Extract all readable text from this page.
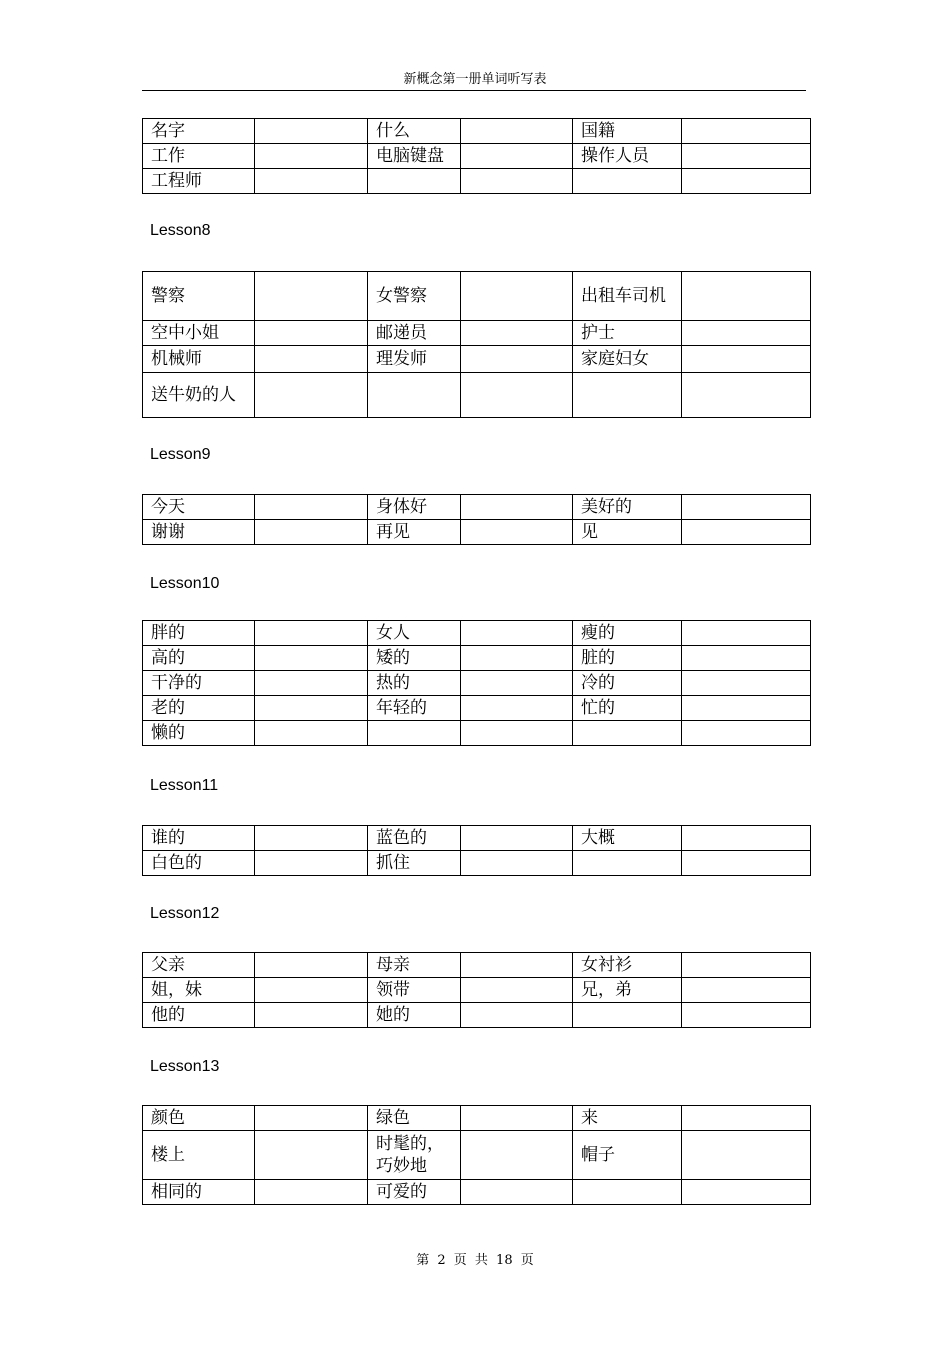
新概念第一册单词听写表
名字		什么		国籍	
工作		电脑键盘		操作人员	
工程师					
Lesson8
警察		女警察		出租车司机	
空中小姐		邮递员		护士	
机械师		理发师		家庭妇女	
送牛奶的人					
Lesson9
今天		身体好		美好的	
谢谢		再见		见	
Lesson10
胖的		女人		瘦的	
高的		矮的		脏的	
干净的		热的		冷的	
老的		年轻的		忙的	
懒的					
Lesson11
谁的		蓝色的		大概	
白色的		抓住			
Lesson12
父亲		母亲		女衬衫	
姐，妹		领带		兄，弟	
他的		她的			
Lesson13
颜色		绿色		来	
楼上		时髦的，巧妙地		帽子	
相同的		可爱的			
第 2 页 共 18 页
